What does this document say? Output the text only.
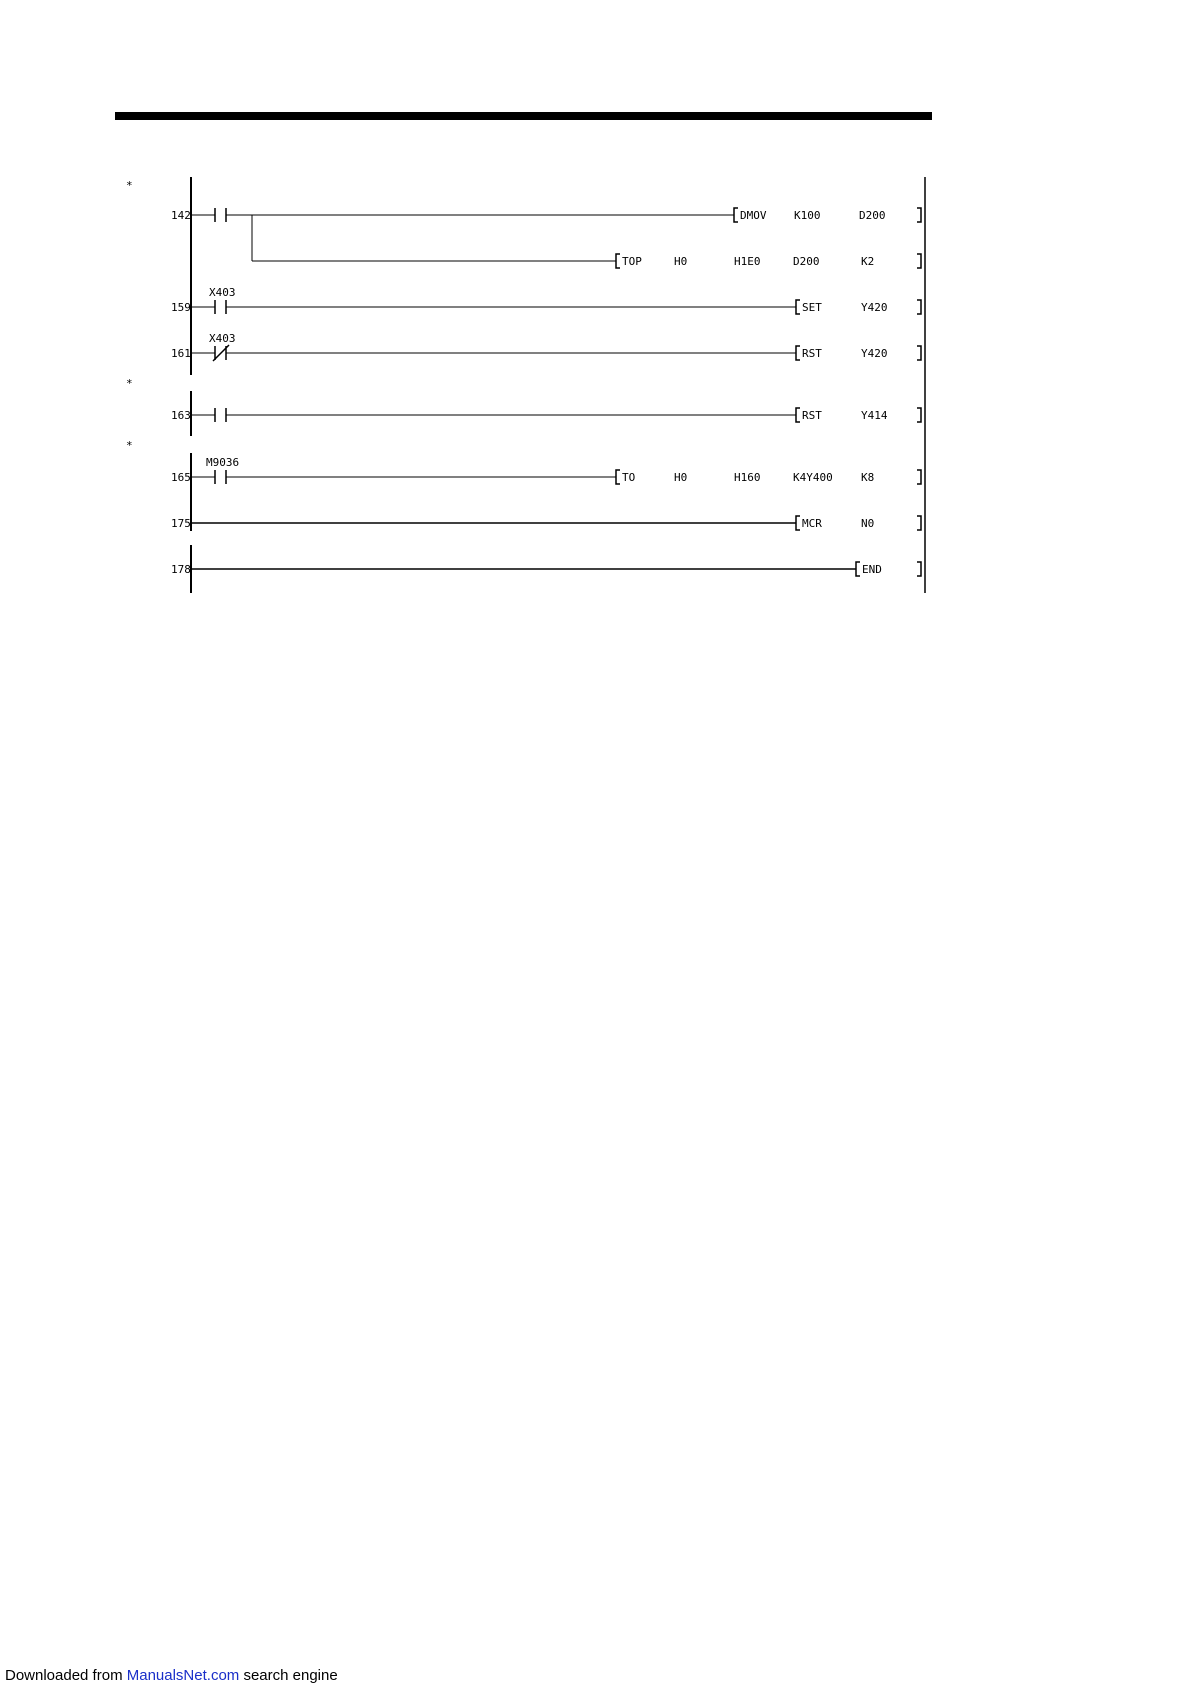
*
*
*
142	DMOV	K100	D200
TOP	H0	H1E0	D200	K2
X403
159	SET	Y420
X403
161	RST	Y420
163	RST	Y414
M9036
165	TO	H0	H160	K4Y400	K8
175	MCR	N0
178	END
Downloaded from ManualsNet.com search engine
